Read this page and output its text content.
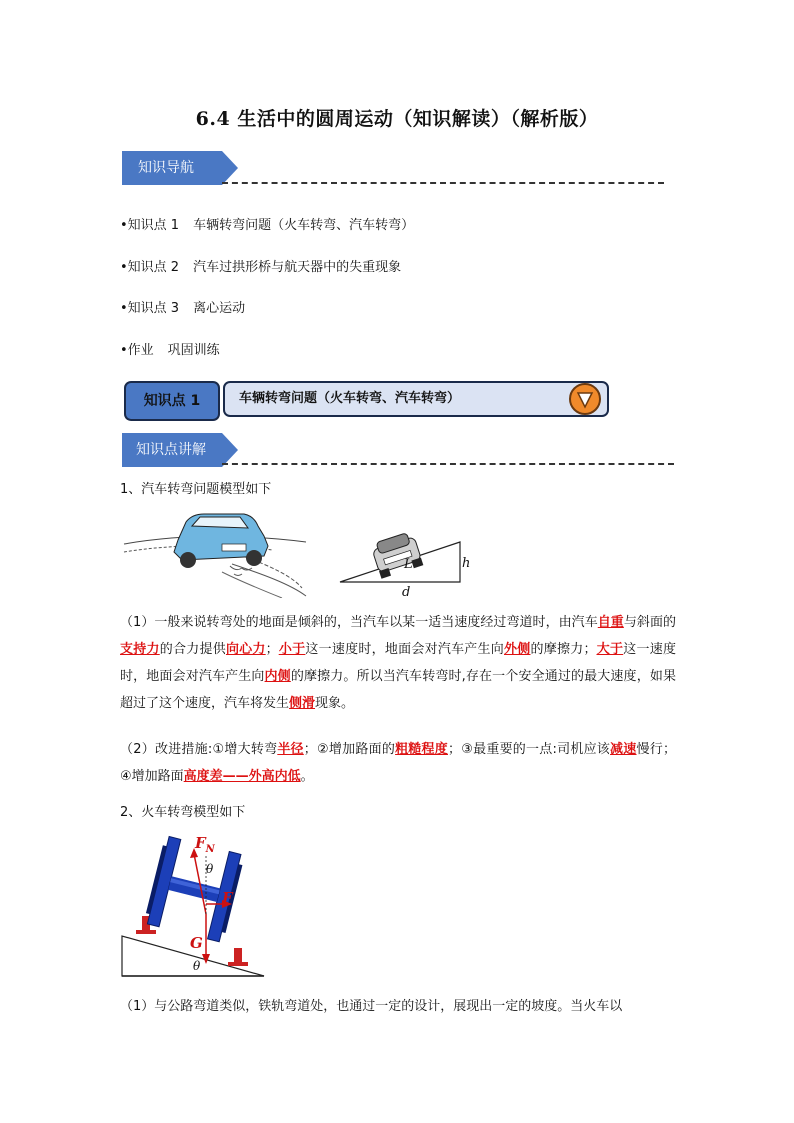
6.4 生活中的圆周运动（知识解读）（解析版）
知识导航
•知识点 1 车辆转弯问题（火车转弯、汽车转弯）
•知识点 2 汽车过拱形桥与航天器中的失重现象
•知识点 3 离心运动
•作业 巩固训练
知识点 1	车辆转弯问题（火车转弯、汽车转弯）
知识点讲解
1、汽车转弯问题模型如下
L	h
d
（1）一般来说转弯处的地面是倾斜的，当汽车以某一适当速度经过弯道时，由汽车自重与斜面的支持力的合力提供向心力；小于这一速度时，地面会对汽车产生向外侧的摩擦力；大于这一速度时，地面会对汽车产生向内侧的摩擦力。所以当汽车转弯时,存在一个安全通过的最大速度，如果超过了这个速度，汽车将发生侧滑现象。
（2）改进措施:①增大转弯半径；②增加路面的粗糙程度；③最重要的一点:司机应该减速慢行；④增加路面高度差——外高内低。
2、火车转弯模型如下
$F_N$
θ
F
G
θ
（1）与公路弯道类似，铁轨弯道处，也通过一定的设计，展现出一定的坡度。当火车以
